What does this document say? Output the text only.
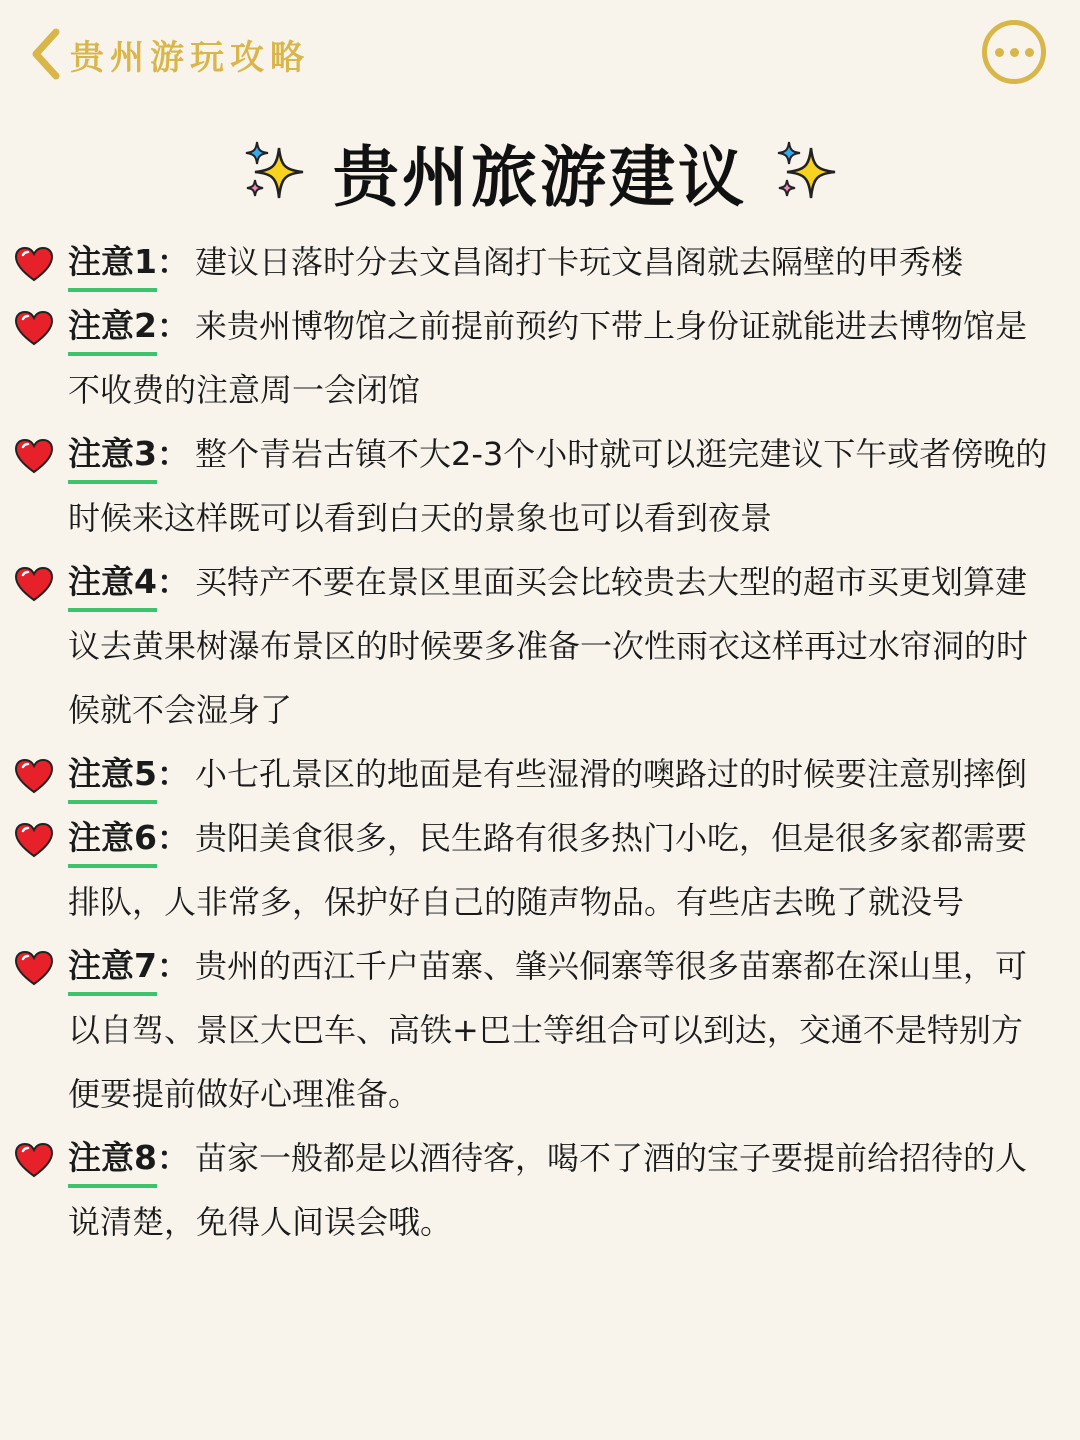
贵州游玩攻略
贵州旅游建议

注意1： 建议日落时分去文昌阁打卡玩文昌阁就去隔壁的甲秀楼

注意2： 来贵州博物馆之前提前预约下带上身份证就能进去博物馆是不收费的注意周一会闭馆

注意3： 整个青岩古镇不大2-3个小时就可以逛完建议下午或者傍晚的时候来这样既可以看到白天的景象也可以看到夜景

注意4： 买特产不要在景区里面买会比较贵去大型的超市买更划算建议去黄果树瀑布景区的时候要多准备一次性雨衣这样再过水帘洞的时候就不会湿身了

注意5： 小七孔景区的地面是有些湿滑的噢路过的时候要注意别摔倒

注意6： 贵阳美食很多，民生路有很多热门小吃，但是很多家都需要排队，人非常多，保护好自己的随声物品。有些店去晚了就没号

注意7： 贵州的西江千户苗寨、肇兴侗寨等很多苗寨都在深山里，可以自驾、景区大巴车、高铁+巴士等组合可以到达，交通不是特别方便要提前做好心理准备。

注意8： 苗家一般都是以酒待客，喝不了酒的宝子要提前给招待的人说清楚，免得人间误会哦。
